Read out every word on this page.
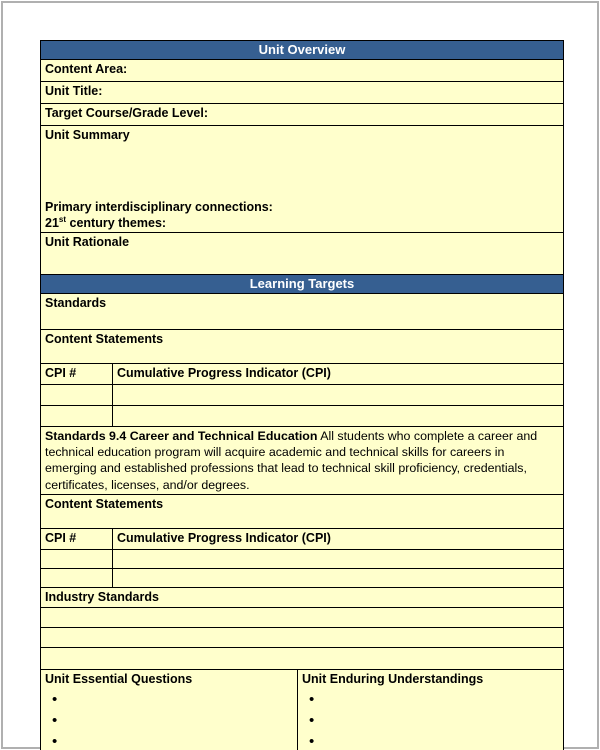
Unit Overview		
Content Area:		
Unit Title:		
Target Course/Grade Level:		

Unit Summary
Primary interdisciplinary connections:
21st century themes:		

Unit Rationale		
Learning Targets		
Standards		
Content Statements		
CPI #	Cumulative Progress Indicator (CPI)	

Standards 9.4 Career and Technical Education All students who complete a career and technical education program will acquire academic and technical skills for careers in emerging and established professions that lead to technical skill proficiency, credentials, certificates, licenses, and/or degrees.		
Content Statements		
CPI #	Cumulative Progress Indicator (CPI)	

Industry Standards		

Unit Essential Questions
•
•
•

Unit Enduring Understandings
•
•
•
